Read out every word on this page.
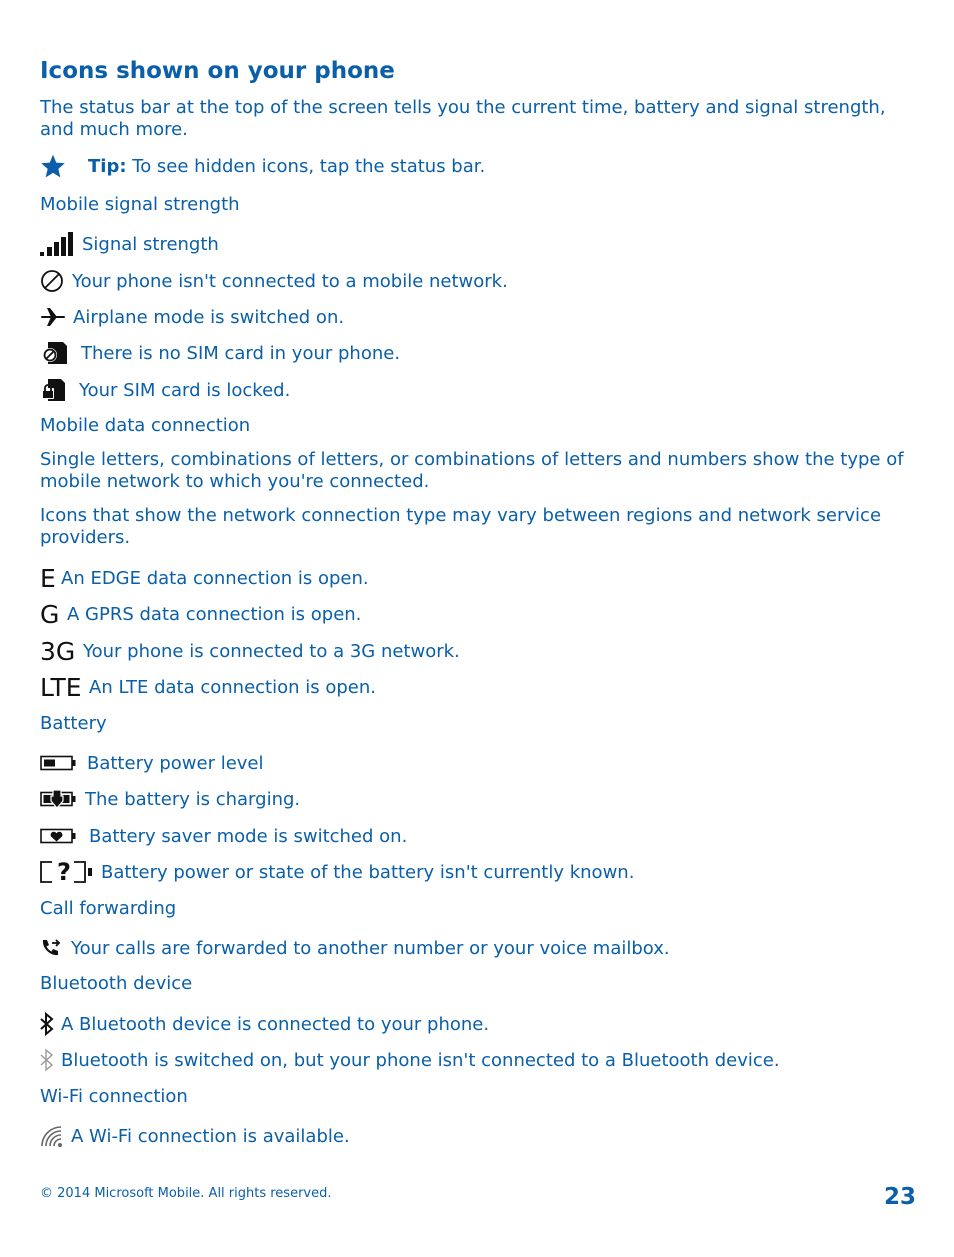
Icons shown on your phone
The status bar at the top of the screen tells you the current time, battery and signal strength, and much more.
Tip: To see hidden icons, tap the status bar.
Mobile signal strength
Signal strength
Your phone isn't connected to a mobile network.
Airplane mode is switched on.
There is no SIM card in your phone.
Your SIM card is locked.
Mobile data connection
Single letters, combinations of letters, or combinations of letters and numbers show the type of mobile network to which you're connected.
Icons that show the network connection type may vary between regions and network service providers.
E An EDGE data connection is open.
G A GPRS data connection is open.
3G Your phone is connected to a 3G network.
LTE An LTE data connection is open.
Battery
Battery power level
The battery is charging.
Battery saver mode is switched on.
? Battery power or state of the battery isn't currently known.
Call forwarding
Your calls are forwarded to another number or your voice mailbox.
Bluetooth device
A Bluetooth device is connected to your phone.
Bluetooth is switched on, but your phone isn't connected to a Bluetooth device.
Wi-Fi connection
A Wi-Fi connection is available.
© 2014 Microsoft Mobile. All rights reserved.	23
